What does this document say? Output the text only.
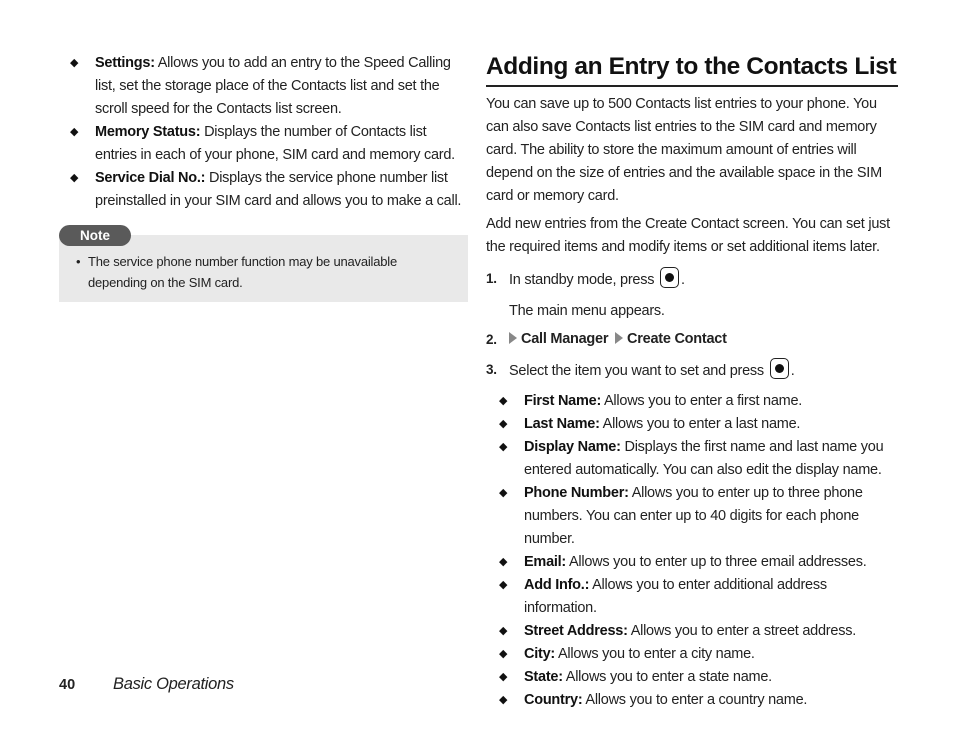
◆ Settings: Allows you to add an entry to the Speed Calling list, set the storage place of the Contacts list and set the scroll speed for the Contacts list screen.
◆ Memory Status: Displays the number of Contacts list entries in each of your phone, SIM card and memory card.
◆ Service Dial No.: Displays the service phone number list preinstalled in your SIM card and allows you to make a call.
Note
• The service phone number function may be unavailable
depending on the SIM card.
Adding an Entry to the Contacts List

You can save up to 500 Contacts list entries to your phone. You can also save Contacts list entries to the SIM card and memory card. The ability to store the maximum amount of entries will depend on the size of entries and the available space in the SIM card or memory card.

Add new entries from the Create Contact screen. You can set just the required items and modify items or set additional items later.

1. In standby mode, press .
The main menu appears.
2. Call Manager Create Contact
3. Select the item you want to set and press .
◆ First Name: Allows you to enter a first name.
◆ Last Name: Allows you to enter a last name.
◆ Display Name: Displays the first name and last name you entered automatically. You can also edit the display name.
◆ Phone Number: Allows you to enter up to three phone numbers. You can enter up to 40 digits for each phone number.
◆ Email: Allows you to enter up to three email addresses.
◆ Add Info.: Allows you to enter additional address information.
◆ Street Address: Allows you to enter a street address.
◆ City: Allows you to enter a city name.
◆ State: Allows you to enter a state name.
◆ Country: Allows you to enter a country name.
40 Basic Operations
